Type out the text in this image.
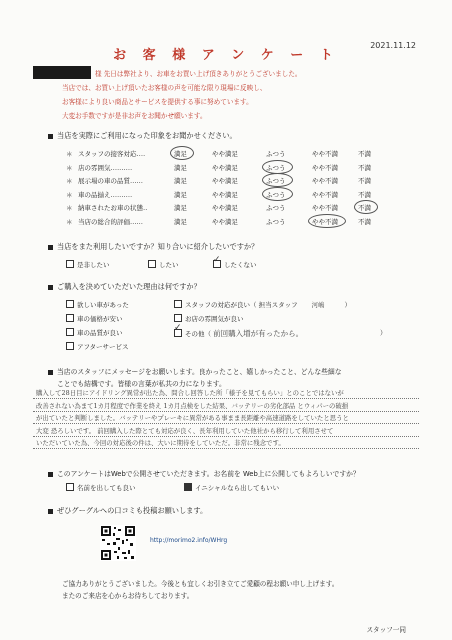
2021.11.12
お 客 様 ア ン ケ ー ト
様 先日は弊社より、お車をお買い上げ頂きありがとうございました。
当店では、お買い上げ頂いたお客様の声を可能な限り現場に反映し、
お客様により良い商品とサービスを提供する事に努めています。
大変お手数ですが是非お声をお聞かせ願います。
当店を実際にご利用になった印象をお聞かせください。
＊ スタッフの接客対応‥‥	満足	やや満足	ふつう	やや不満	不満
＊ 店の雰囲気‥‥‥‥‥	満足	やや満足	ふつう	やや不満	不満
＊ 展示場の車の品質‥‥‥	満足	やや満足	ふつう	やや不満	不満
＊ 車の品揃え‥‥‥‥‥	満足	やや満足	ふつう	やや不満	不満
＊ 納車されたお車の状態‥	満足	やや満足	ふつう	やや不満	不満
＊ 当店の総合的評価‥‥‥	満足	やや満足	ふつう	やや不満	不満
当店をまた利用したいですか？知り合いに紹介したいですか？
是非したい	したい	したくない
✓
ご購入を決めていただいた理由は何ですか？
欲しい車があった
車の価格が安い
車の品質が良い
アフターサービス
スタッフの対応が良い（ 担当スタッフ 河嶋	）
お店の雰囲気が良い
その他（ 前回購入増が有ったから。	）
✓
当店のスタッフにメッセージをお願いします。良かったこと、嬉しかったこと、どんな些細な
ことでも結構です。皆様の言葉が私共の力になります。
購入して28日目にアイドリング異常が出た為、問合し回答した所「様子を見てもらい」とのことではないが
改善されない為まて1カ月程度で作業を終え 1カ月点検をした結果、バッテリーの劣化部品 とウィパーの破損
が出ていたと判断しました。バッテリーやプレーキに異常がある事まま長距離や高速道路をしていたと思うと
大変 恐ろしいです。 前回購入した際とても対応が良く、長年利用していた他社から移行して利用させて
いただいていた為、今回の対応後の件は、大いに期待をしていただ。非常に残念です。
このアンケートはWebで公開させていただきます。お名前を Web上に公開してもよろしいですか？
名前を出しても良い	イニシャルなら出してもいい
ぜひグーグルへの口コミも投稿お願いします。
http://morimo2.info/WHrg
ご協力ありがとうございました。今後とも宜しくお引き立てご愛顧の程お願い申し上げます。
またのご来店を心からお待ちしております。
スタッフ一同
